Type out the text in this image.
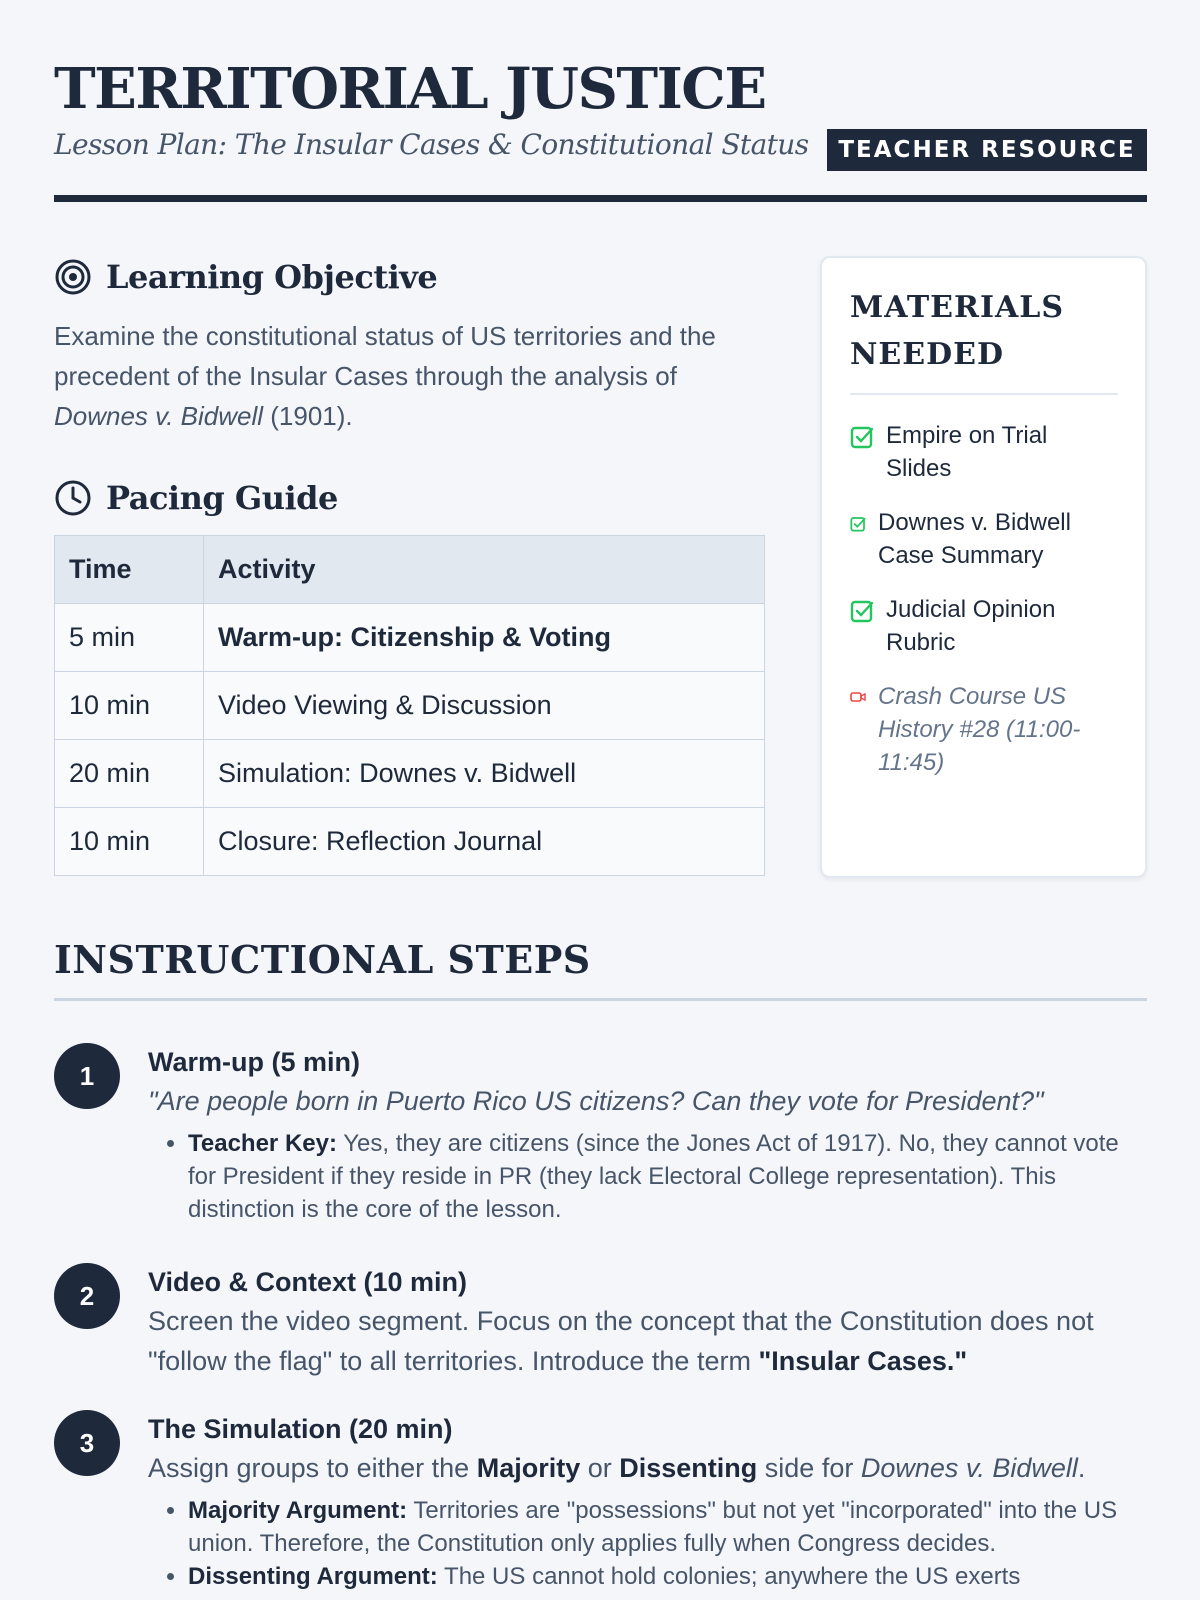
TERRITORIAL JUSTICE
Lesson Plan: The Insular Cases & Constitutional Status	TEACHER RESOURCE
Learning Objective

Examine the constitutional status of US territories and the precedent of the Insular Cases through the analysis of Downes v. Bidwell (1901).

Pacing Guide
Time	Activity
5 min	Warm-up: Citizenship & Voting
10 min	Video Viewing & Discussion
20 min	Simulation: Downes v. Bidwell
10 min	Closure: Reflection Journal
MATERIALS NEEDED
Empire on Trial Slides
Downes v. Bidwell Case Summary
Judicial Opinion Rubric
Crash Course US History #28 (11:00-11:45)
INSTRUCTIONAL STEPS
1	Warm-up (5 min)
"Are people born in Puerto Rico US citizens? Can they vote for President?"
• Teacher Key: Yes, they are citizens (since the Jones Act of 1917). No, they cannot vote for President if they reside in PR (they lack Electoral College representation). This distinction is the core of the lesson.
2	Video & Context (10 min)
Screen the video segment. Focus on the concept that the Constitution does not "follow the flag" to all territories. Introduce the term "Insular Cases."
3	The Simulation (20 min)
Assign groups to either the Majority or Dissenting side for Downes v. Bidwell.
• Majority Argument: Territories are "possessions" but not yet "incorporated" into the US union. Therefore, the Constitution only applies fully when Congress decides.
• Dissenting Argument: The US cannot hold colonies; anywhere the US exerts
